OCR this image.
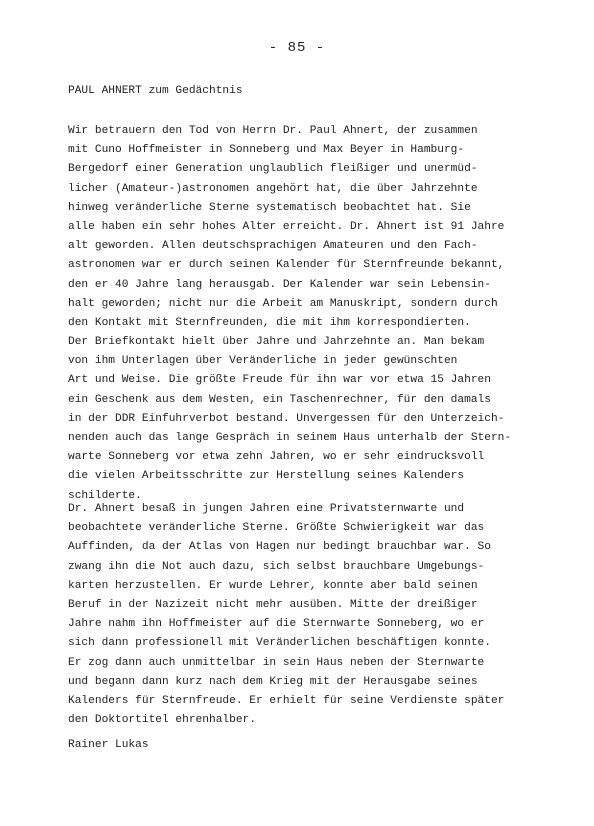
- 85 -
PAUL AHNERT zum Gedächtnis
Wir betrauern den Tod von Herrn Dr. Paul Ahnert, der zusammen
mit Cuno Hoffmeister in Sonneberg und Max Beyer in Hamburg-
Bergedorf einer Generation unglaublich fleißiger und unermüd-
licher (Amateur-)astronomen angehört hat, die über Jahrzehnte
hinweg veränderliche Sterne systematisch beobachtet hat. Sie
alle haben ein sehr hohes Alter erreicht. Dr. Ahnert ist 91 Jahre
alt geworden. Allen deutschsprachigen Amateuren und den Fach-
astronomen war er durch seinen Kalender für Sternfreunde bekannt,
den er 40 Jahre lang herausgab. Der Kalender war sein Lebensin-
halt geworden; nicht nur die Arbeit am Manuskript, sondern durch
den Kontakt mit Sternfreunden, die mit ihm korrespondierten.
Der Briefkontakt hielt über Jahre und Jahrzehnte an. Man bekam
von ihm Unterlagen über Veränderliche in jeder gewünschten
Art und Weise. Die größte Freude für ihn war vor etwa 15 Jahren
ein Geschenk aus dem Westen, ein Taschenrechner, für den damals
in der DDR Einfuhrverbot bestand. Unvergessen für den Unterzeich-
nenden auch das lange Gespräch in seinem Haus unterhalb der Stern-
warte Sonneberg vor etwa zehn Jahren, wo er sehr eindrucksvoll
die vielen Arbeitsschritte zur Herstellung seines Kalenders
schilderte.
Dr. Ahnert besaß in jungen Jahren eine Privatsternwarte und
beobachtete veränderliche Sterne. Größte Schwierigkeit war das
Auffinden, da der Atlas von Hagen nur bedingt brauchbar war. So
zwang ihn die Not auch dazu, sich selbst brauchbare Umgebungs-
karten herzustellen. Er wurde Lehrer, konnte aber bald seinen
Beruf in der Nazizeit nicht mehr ausüben. Mitte der dreißiger
Jahre nahm ihn Hoffmeister auf die Sternwarte Sonneberg, wo er
sich dann professionell mit Veränderlichen beschäftigen konnte.
Er zog dann auch unmittelbar in sein Haus neben der Sternwarte
und begann dann kurz nach dem Krieg mit der Herausgabe seines
Kalenders für Sternfreude. Er erhielt für seine Verdienste später
den Doktortitel ehrenhalber.
Rainer Lukas
